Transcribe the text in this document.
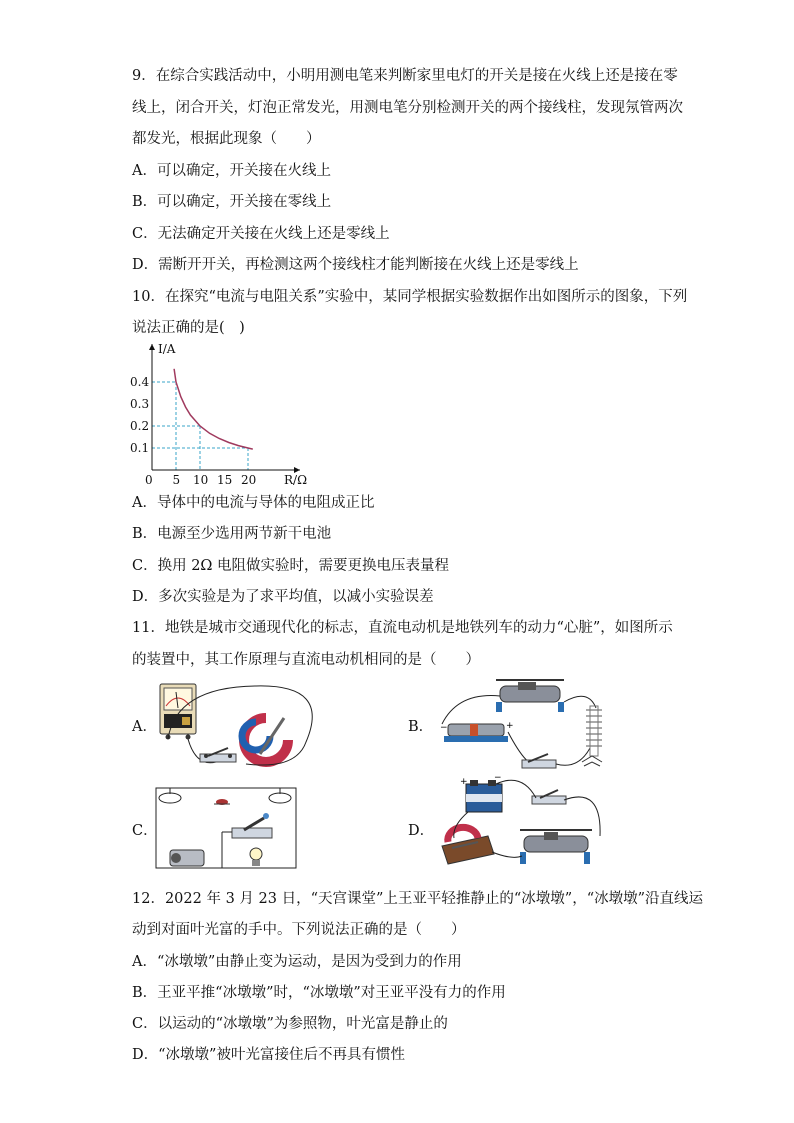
9．在综合实践活动中，小明用测电笔来判断家里电灯的开关是接在火线上还是接在零
线上，闭合开关，灯泡正常发光，用测电笔分别检测开关的两个接线柱，发现氖管两次
都发光，根据此现象（　　）
A．可以确定，开关接在火线上
B．可以确定，开关接在零线上
C．无法确定开关接在火线上还是零线上
D．需断开开关，再检测这两个接线柱才能判断接在火线上还是零线上
10．在探究“电流与电阻关系”实验中，某同学根据实验数据作出如图所示的图象，下列
说法正确的是(　)
I/A
R/Ω
0 5 10 15 20
0.4
0.3
0.2
0.1
A．导体中的电流与导体的电阻成正比
B．电源至少选用两节新干电池
C．换用 2Ω 电阻做实验时，需要更换电压表量程
D．多次实验是为了求平均值，以减小实验误差
11．地铁是城市交通现代化的标志，直流电动机是地铁列车的动力“心脏”，如图所示
的装置中，其工作原理与直流电动机相同的是（　　）
A．	B．
C．	D．
−	+
+	−
12．2022 年 3 月 23 日，“天宫课堂”上王亚平轻推静止的“冰墩墩”，“冰墩墩”沿直线运
动到对面叶光富的手中。下列说法正确的是（　　）
A．“冰墩墩”由静止变为运动，是因为受到力的作用
B．王亚平推“冰墩墩”时，“冰墩墩”对王亚平没有力的作用
C．以运动的“冰墩墩”为参照物，叶光富是静止的
D．“冰墩墩”被叶光富接住后不再具有惯性
